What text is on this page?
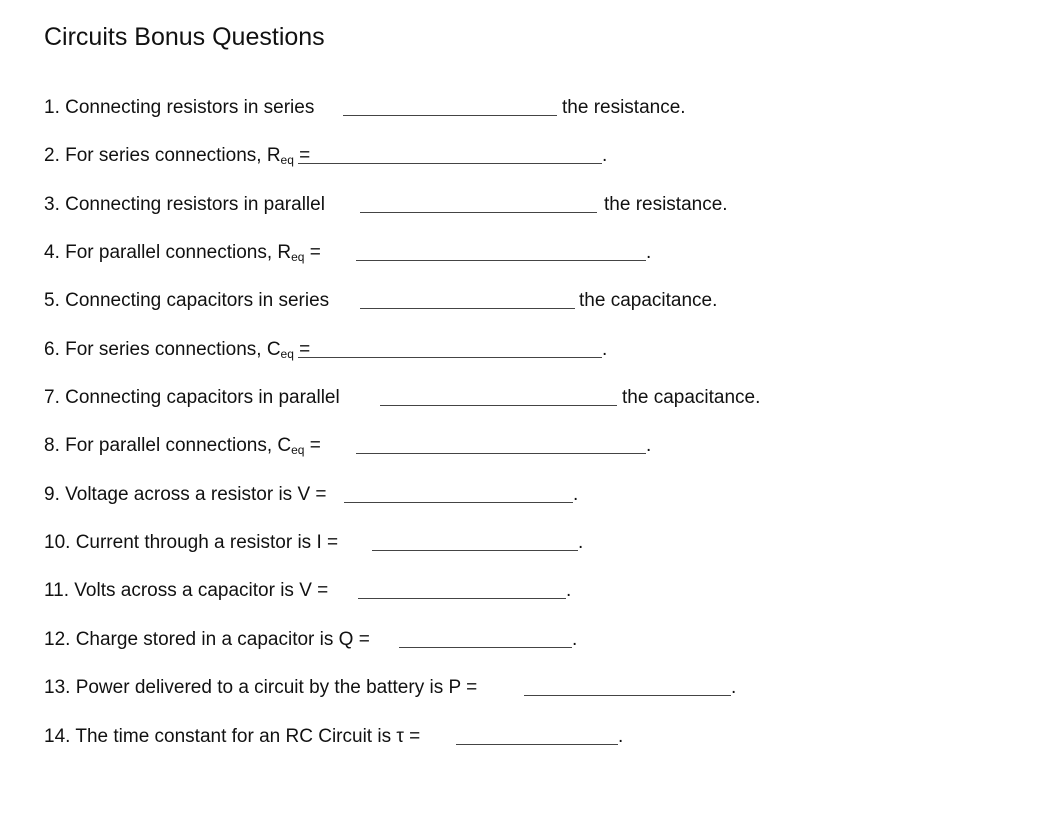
Circuits Bonus Questions
1. Connecting resistors in series	the resistance.
2. For series connections, $R_{eq}$ =	.
3. Connecting resistors in parallel	the resistance.
4. For parallel connections, $R_{eq}$ =	.
5. Connecting capacitors in series	the capacitance.
6. For series connections, $C_{eq}$ =	.
7. Connecting capacitors in parallel	the capacitance.
8. For parallel connections, $C_{eq}$ =	.
9. Voltage across a resistor is V =	.
10. Current through a resistor is I =	.
11. Volts across a capacitor is V =	.
12. Charge stored in a capacitor is Q =	.
13. Power delivered to a circuit by the battery is P =	.
14. The time constant for an RC Circuit is τ =	.
